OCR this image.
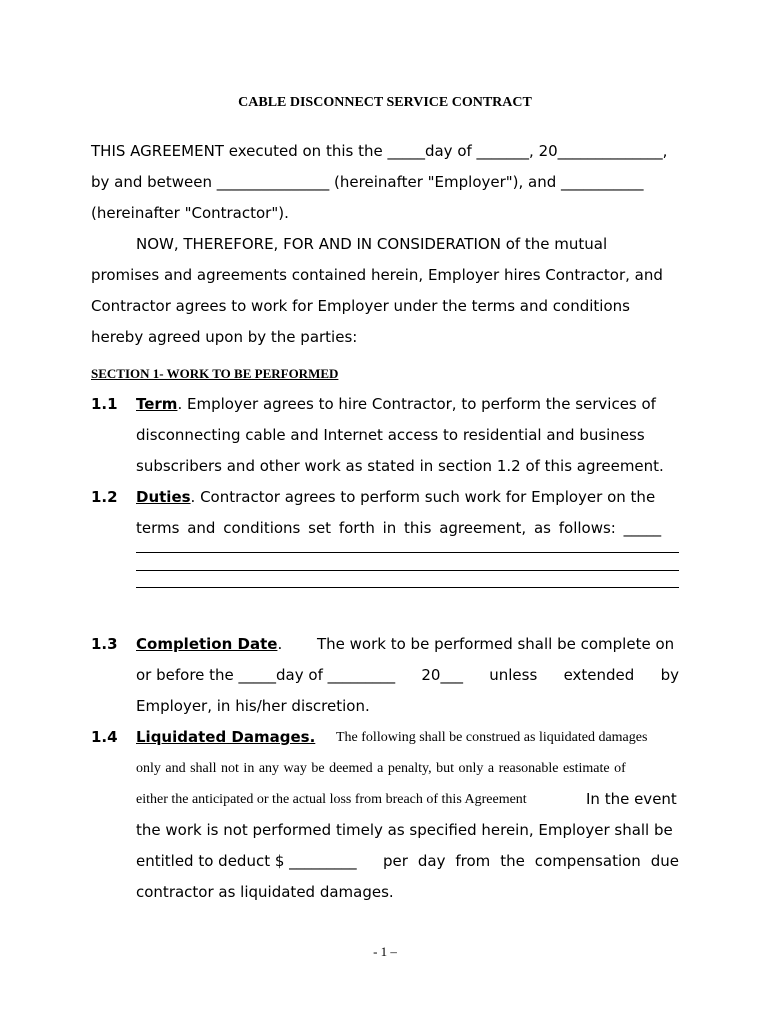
CABLE DISCONNECT SERVICE CONTRACT
THIS AGREEMENT executed on this the _____day of _______, 20______________,
by and between _______________ (hereinafter "Employer"), and ___________
(hereinafter "Contractor").
NOW, THEREFORE, FOR AND IN CONSIDERATION of the mutual
promises and agreements contained herein, Employer hires Contractor, and
Contractor agrees to work for Employer under the terms and conditions
hereby agreed upon by the parties:
SECTION 1- WORK TO BE PERFORMED
1.1 Term. Employer agrees to hire Contractor, to perform the services of
disconnecting cable and Internet access to residential and business
subscribers and other work as stated in section 1.2 of this agreement.
1.2 Duties. Contractor agrees to perform such work for Employer on the
terms and conditions set forth in this agreement, as follows: _____
1.3 Completion Date. The work to be performed shall be complete on
or before the _____day of _________ 20___ unless extended by
Employer, in his/her discretion.
1.4 Liquidated Damages. The following shall be construed as liquidated damages
only and shall not in any way be deemed a penalty, but only a reasonable estimate of
either the anticipated or the actual loss from breach of this Agreement	In the event
the work is not performed timely as specified herein, Employer shall be
entitled to deduct $ _________ per day from the compensation due
contractor as liquidated damages.
- 1 –
